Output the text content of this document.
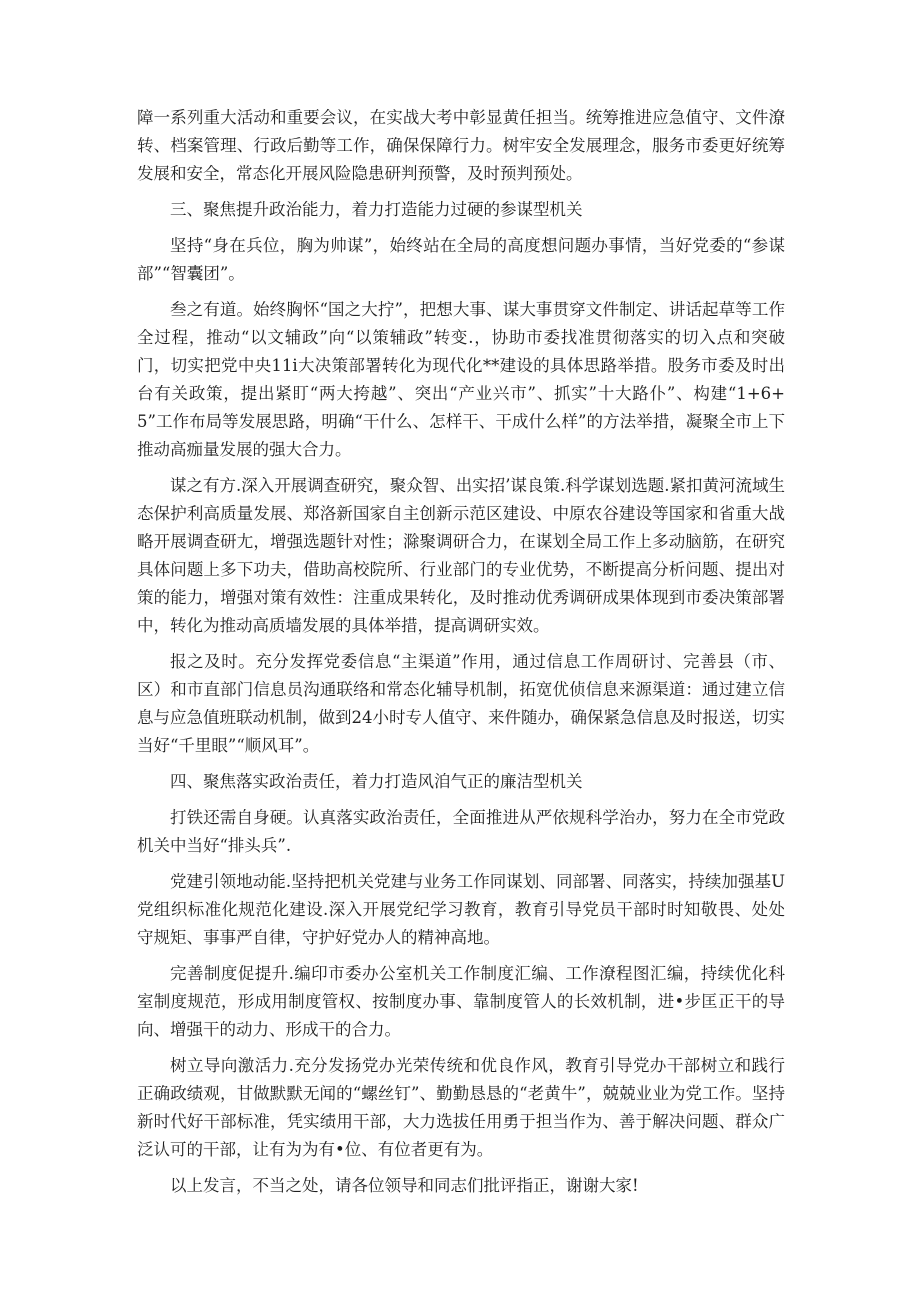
障一系列重大活动和重要会议，在实战大考中彰显黄任担当。统筹推进应急值守、文件潦转、档案管理、行政后勤等工作，确保保障行力。树牢安全发展理念，服务市委更好统筹发展和安全，常态化开展风险隐患研判预警，及时预判预处。

三、聚焦提升政治能力，着力打造能力过硬的参谋型机关

坚持“身在兵位，胸为帅谋”，始终站在全局的高度想问题办事情，当好党委的“参谋部”“智囊团”。

叁之有道。始终胸怀“国之大拧”，把想大事、谋大事贯穿文件制定、讲话起草等工作全过程，推动“以文辅政”向“以策辅政”转变.，协助市委找准贯彻落实的切入点和突破门，切实把党中央11i大决策部署转化为现代化**建设的具体思路举措。股务市委及时出台有关政策，提出紧盯“两大挎越”、突出“产业兴市”、抓实”十大路仆”、构建“1+6+5”工作布局等发展思路，明确“干什么、怎样干、干成什么样”的方法举措，凝聚全市上下推动高痂量发展的强大合力。

谋之有方.深入开展调查研究，聚众智、出实招’谋良策.科学谋划选题.紧扣黄河流域生态保护利高质量发展、郑洛新国家自主创新示范区建设、中原农谷建设等国家和省重大战略开展调查研尢，增强选题针对性；滁聚调研合力，在谋划全局工作上多动脑筋，在研究具体问题上多下功夫，借助高校院所、行业部门的专业优势，不断提高分析问题、提出对策的能力，增强对策有效性：注重成果转化，及时推动优秀调研成果体现到市委决策部署中，转化为推动高质墙发展的具体举措，提高调研实效。

报之及时。充分发挥党委信息“主渠道”作用，通过信息工作周研讨、完善县（市、区）和市直部门信息员沟通联络和常态化辅导机制，拓宽优侦信息来源渠道：通过建立信息与应急值班联动机制，做到24小时专人值守、来件随办，确保紧急信息及时报送，切实当好“千里眼”“顺风耳”。

四、聚焦落实政治责任，着力打造风洎气正的廉洁型机关

打铁还需自身硬。认真落实政治责任，全面推进从严依规科学治办，努力在全市党政机关中当好“排头兵”.

党建引领地动能.坚持把机关党建与业务工作同谋划、同部署、同落实，持续加强基U党组织标准化规范化建设.深入开展党纪学习教育，教育引导党员干部时时知敬畏、处处守规矩、事事严自律，守护好党办人的精神高地。

完善制度促提升.编印市委办公室机关工作制度汇编、工作潦程图汇编，持续优化科室制度规范，形成用制度管权、按制度办事、靠制度管人的长效机制，进•步匡正干的导向、增强干的动力、形成干的合力。

树立导向激活力.充分发扬党办光荣传统和优良作风，教育引导党办干部树立和践行正确政绩观，甘做默默无闻的“螺丝钉”、勤勤恳恳的“老黄牛”，兢兢业业为党工作。坚持新时代好干部标准，凭实绩用干部，大力选拔任用勇于担当作为、善于解决问题、群众广泛认可的干部，让有为为有•位、有位者更有为。

以上发言，不当之处，请各位领导和同志们批评指正，谢谢大家!
